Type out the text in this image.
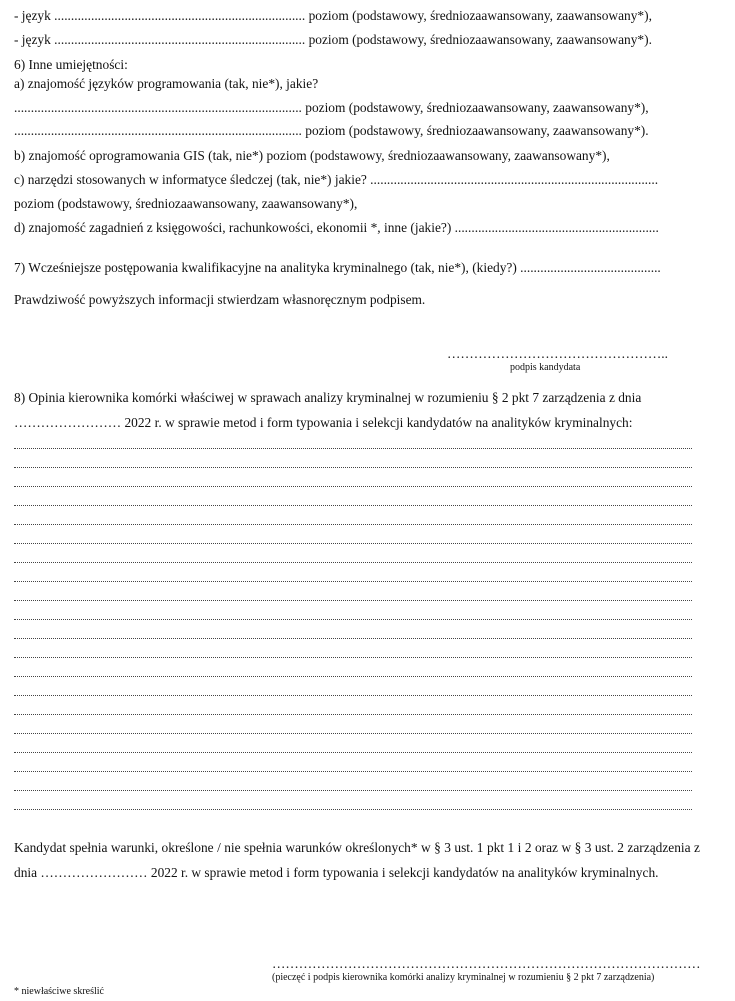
- język ........................................................................... poziom (podstawowy, średniozaawansowany, zaawansowany*),
- język ........................................................................... poziom (podstawowy, średniozaawansowany, zaawansowany*).
6) Inne umiejętności:
a) znajomość języków programowania (tak, nie*), jakie?
...................................................................................... poziom (podstawowy, średniozaawansowany, zaawansowany*),
...................................................................................... poziom (podstawowy, średniozaawansowany, zaawansowany*).
b) znajomość oprogramowania GIS (tak, nie*) poziom (podstawowy, średniozaawansowany, zaawansowany*),
c) narzędzi stosowanych w informatyce śledczej (tak, nie*) jakie? ......................................................................................
poziom (podstawowy, średniozaawansowany, zaawansowany*),
d) znajomość zagadnień z księgowości, rachunkowości, ekonomii *, inne (jakie?) .............................................................
7) Wcześniejsze postępowania kwalifikacyjne na analityka kryminalnego (tak, nie*), (kiedy?) ..........................................
Prawdziwość powyższych informacji stwierdzam własnoręcznym podpisem.
…………………………………………..
podpis kandydata
8) Opinia kierownika komórki właściwej w sprawach analizy kryminalnej w rozumieniu § 2 pkt 7 zarządzenia z dnia
…………………… 2022 r. w sprawie metod i form typowania i selekcji kandydatów na analityków kryminalnych:
Kandydat spełnia warunki, określone / nie spełnia warunków określonych* w § 3 ust. 1 pkt 1 i 2 oraz w § 3 ust. 2 zarządzenia z dnia …………………… 2022 r. w sprawie metod i form typowania i selekcji kandydatów na analityków kryminalnych.
……………………………………………………………………………………
(pieczęć i podpis kierownika komórki analizy kryminalnej w rozumieniu § 2 pkt 7 zarządzenia)
* niewłaściwe skreślić
